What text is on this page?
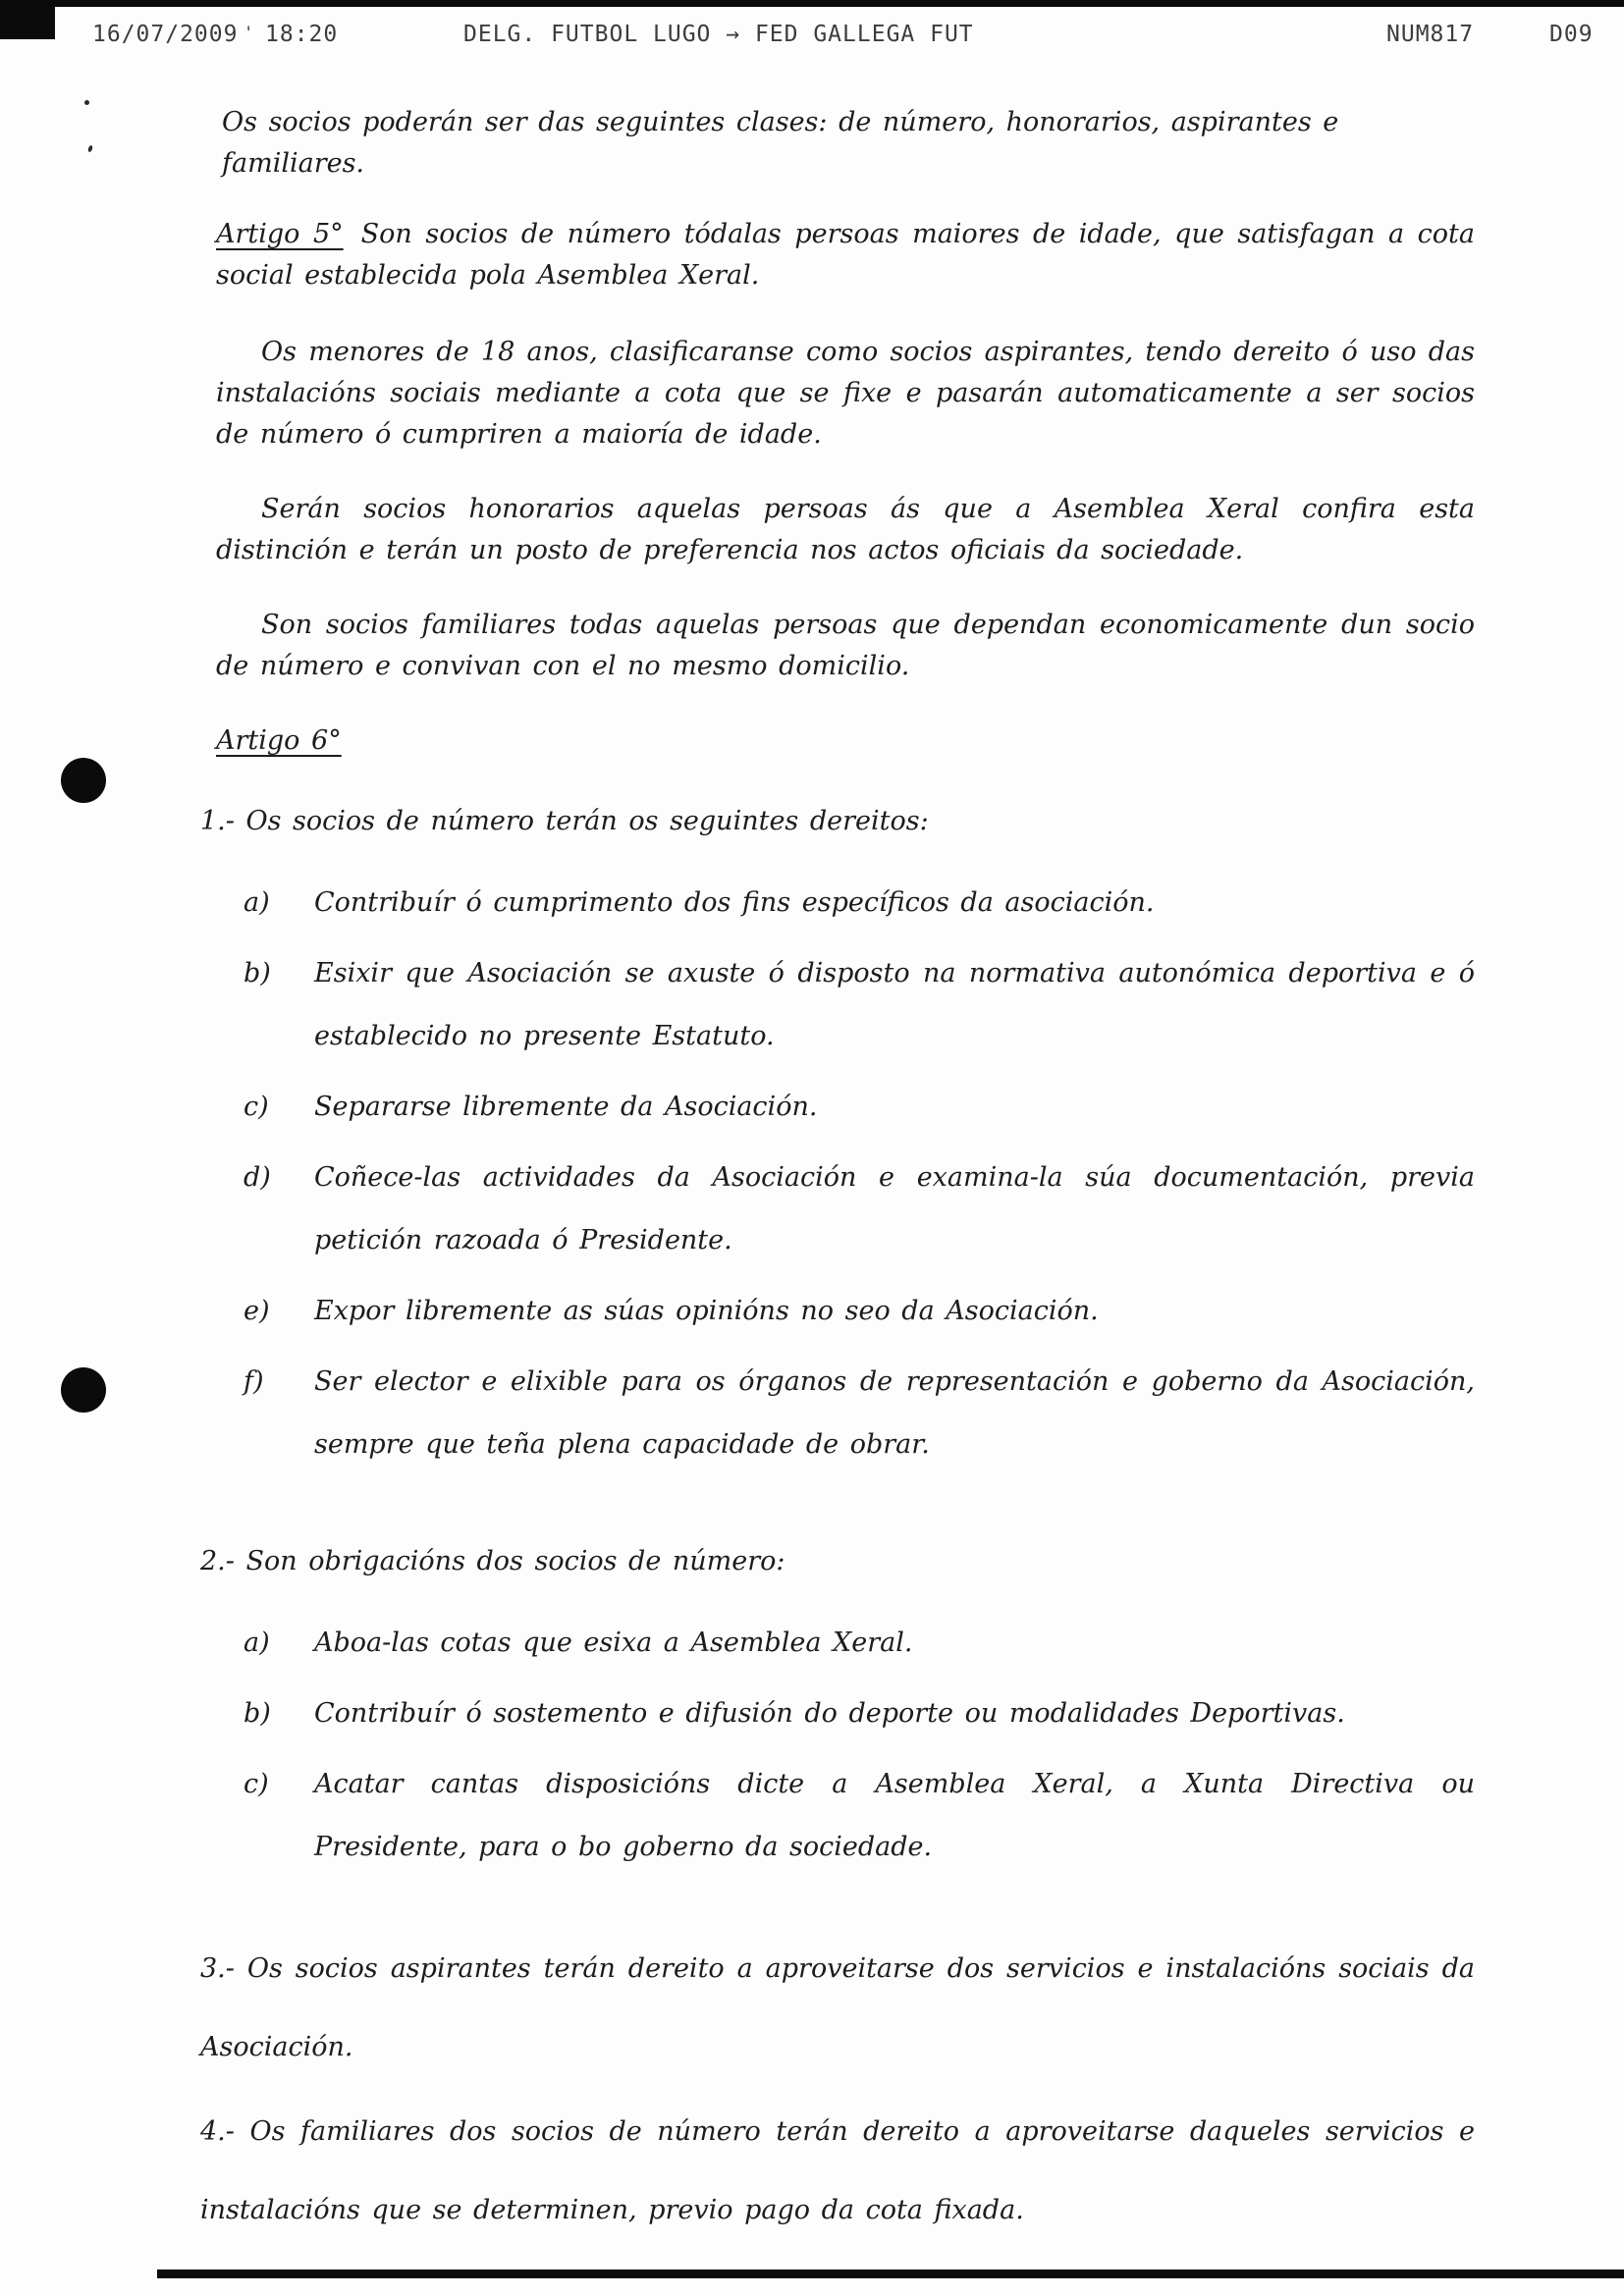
16/07/2009 ' 18:20	DELG. FUTBOL LUGO → FED GALLEGA FUT	NUM817	D09

Os socios poderán ser das seguintes clases: de número, honorarios, aspirantes e familiares.

Artigo 5° Son socios de número tódalas persoas maiores de idade, que satisfagan a cota social establecida pola Asemblea Xeral.

Os menores de 18 anos, clasificaranse como socios aspirantes, tendo dereito ó uso das instalacións sociais mediante a cota que se fixe e pasarán automaticamente a ser socios de número ó cumpriren a maioría de idade.

Serán socios honorarios aquelas persoas ás que a Asemblea Xeral confira esta distinción e terán un posto de preferencia nos actos oficiais da sociedade.

Son socios familiares todas aquelas persoas que dependan economicamente dun socio de número e convivan con el no mesmo domicilio.

Artigo 6°

1.- Os socios de número terán os seguintes dereitos:

a) Contribuír ó cumprimento dos fins específicos da asociación.
b) Esixir que Asociación se axuste ó disposto na normativa autonómica deportiva e ó establecido no presente Estatuto.
c) Separarse libremente da Asociación.
d) Coñece-las actividades da Asociación e examina-la súa documentación, previa petición razoada ó Presidente.
e) Expor libremente as súas opinións no seo da Asociación.
f) Ser elector e elixible para os órganos de representación e goberno da Asociación, sempre que teña plena capacidade de obrar.

2.- Son obrigacións dos socios de número:

a) Aboa-las cotas que esixa a Asemblea Xeral.
b) Contribuír ó sostemento e difusión do deporte ou modalidades Deportivas.
c) Acatar cantas disposicións dicte a Asemblea Xeral, a Xunta Directiva ou Presidente, para o bo goberno da sociedade.

3.- Os socios aspirantes terán dereito a aproveitarse dos servicios e instalacións sociais da Asociación.

4.- Os familiares dos socios de número terán dereito a aproveitarse daqueles servicios e instalacións que se determinen, previo pago da cota fixada.
